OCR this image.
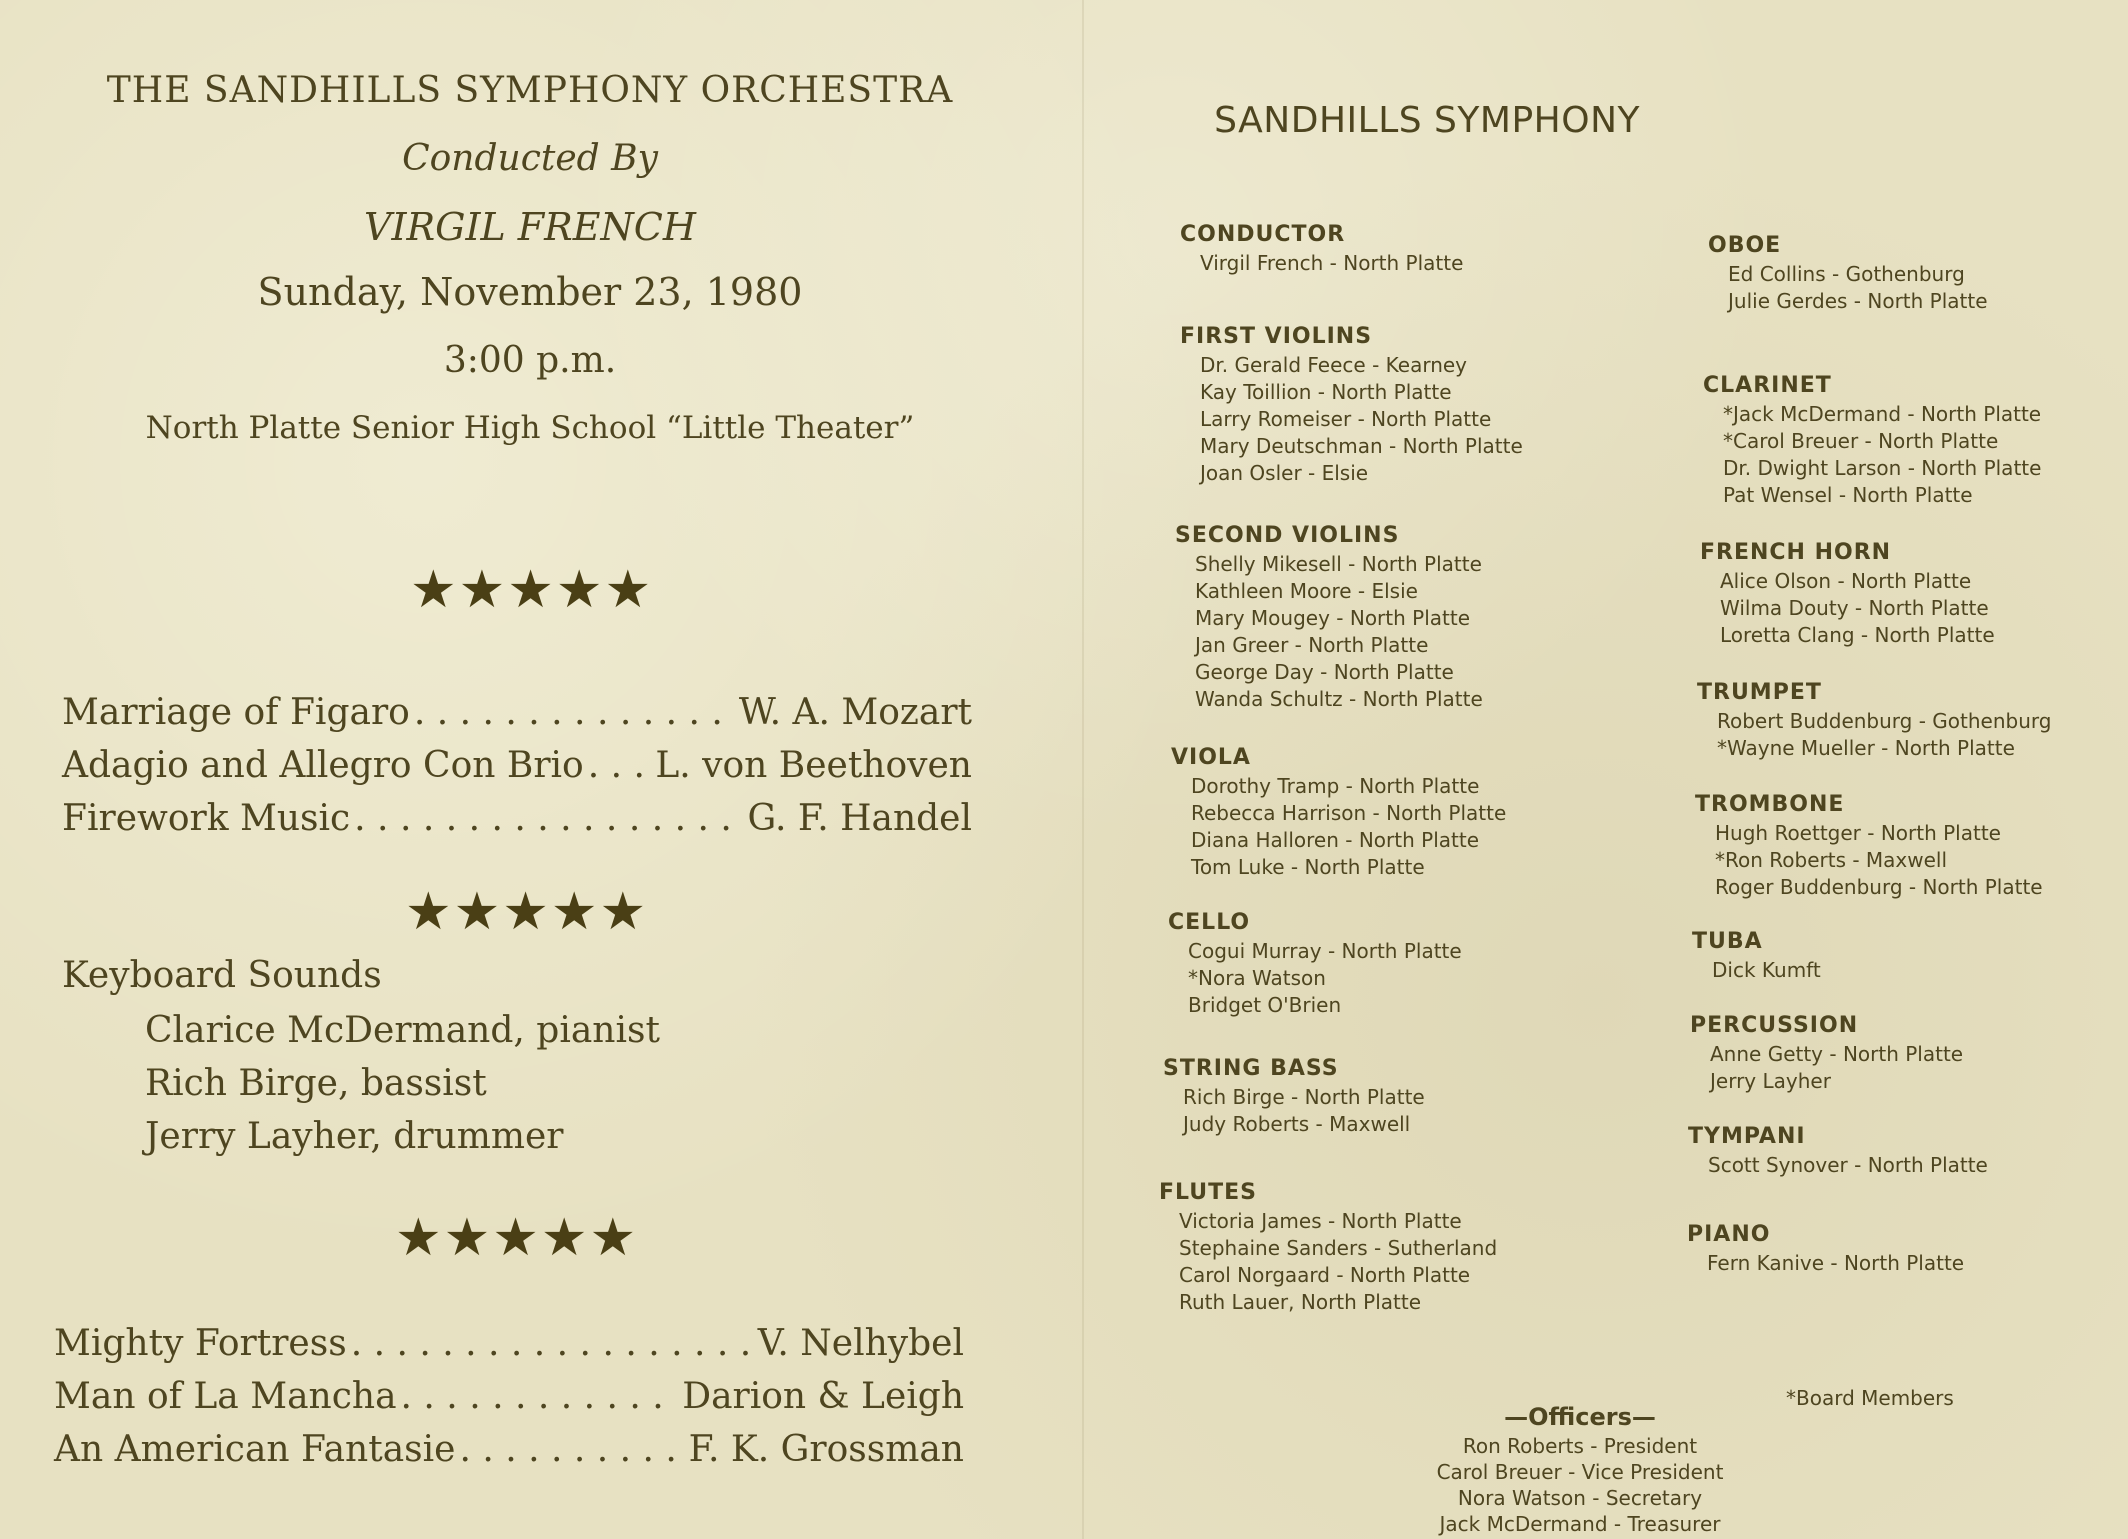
THE SANDHILLS SYMPHONY ORCHESTRA
Conducted By
VIRGIL FRENCH
Sunday, November 23, 1980
3:00 p.m.
North Platte Senior High School “Little Theater”
★★★★★
Marriage of Figaro . . .	W. A. Mozart
Adagio and Allegro Con Brio . . . L. von Beethoven
Firework Music . . .	G. F. Handel
★★★★★
Keyboard Sounds
Clarice McDermand, pianist
Rich Birge, bassist
Jerry Layher, drummer
★★★★★
Mighty Fortress . . .	V. Nelhybel
Man of La Mancha . . .	Darion & Leigh
An American Fantasie . . .	F. K. Grossman
SANDHILLS SYMPHONY
CONDUCTOR
Virgil French - North Platte
FIRST VIOLINS
Dr. Gerald Feece - Kearney
Kay Toillion - North Platte
Larry Romeiser - North Platte
Mary Deutschman - North Platte
Joan Osler - Elsie
SECOND VIOLINS
Shelly Mikesell - North Platte
Kathleen Moore - Elsie
Mary Mougey - North Platte
Jan Greer - North Platte
George Day - North Platte
Wanda Schultz - North Platte
VIOLA
Dorothy Tramp - North Platte
Rebecca Harrison - North Platte
Diana Halloren - North Platte
Tom Luke - North Platte
CELLO
Cogui Murray - North Platte
*Nora Watson
Bridget O'Brien
STRING BASS
Rich Birge - North Platte
Judy Roberts - Maxwell
FLUTES
Victoria James - North Platte
Stephaine Sanders - Sutherland
Carol Norgaard - North Platte
Ruth Lauer, North Platte
OBOE
Ed Collins - Gothenburg
Julie Gerdes - North Platte
CLARINET
*Jack McDermand - North Platte
*Carol Breuer - North Platte
Dr. Dwight Larson - North Platte
Pat Wensel - North Platte
FRENCH HORN
Alice Olson - North Platte
Wilma Douty - North Platte
Loretta Clang - North Platte
TRUMPET
Robert Buddenburg - Gothenburg
*Wayne Mueller - North Platte
TROMBONE
Hugh Roettger - North Platte
*Ron Roberts - Maxwell
Roger Buddenburg - North Platte
TUBA
Dick Kumft
PERCUSSION
Anne Getty - North Platte
Jerry Layher
TYMPANI
Scott Synover - North Platte
PIANO
Fern Kanive - North Platte
*Board Members
—Officers—
Ron Roberts - President
Carol Breuer - Vice President
Nora Watson - Secretary
Jack McDermand - Treasurer
